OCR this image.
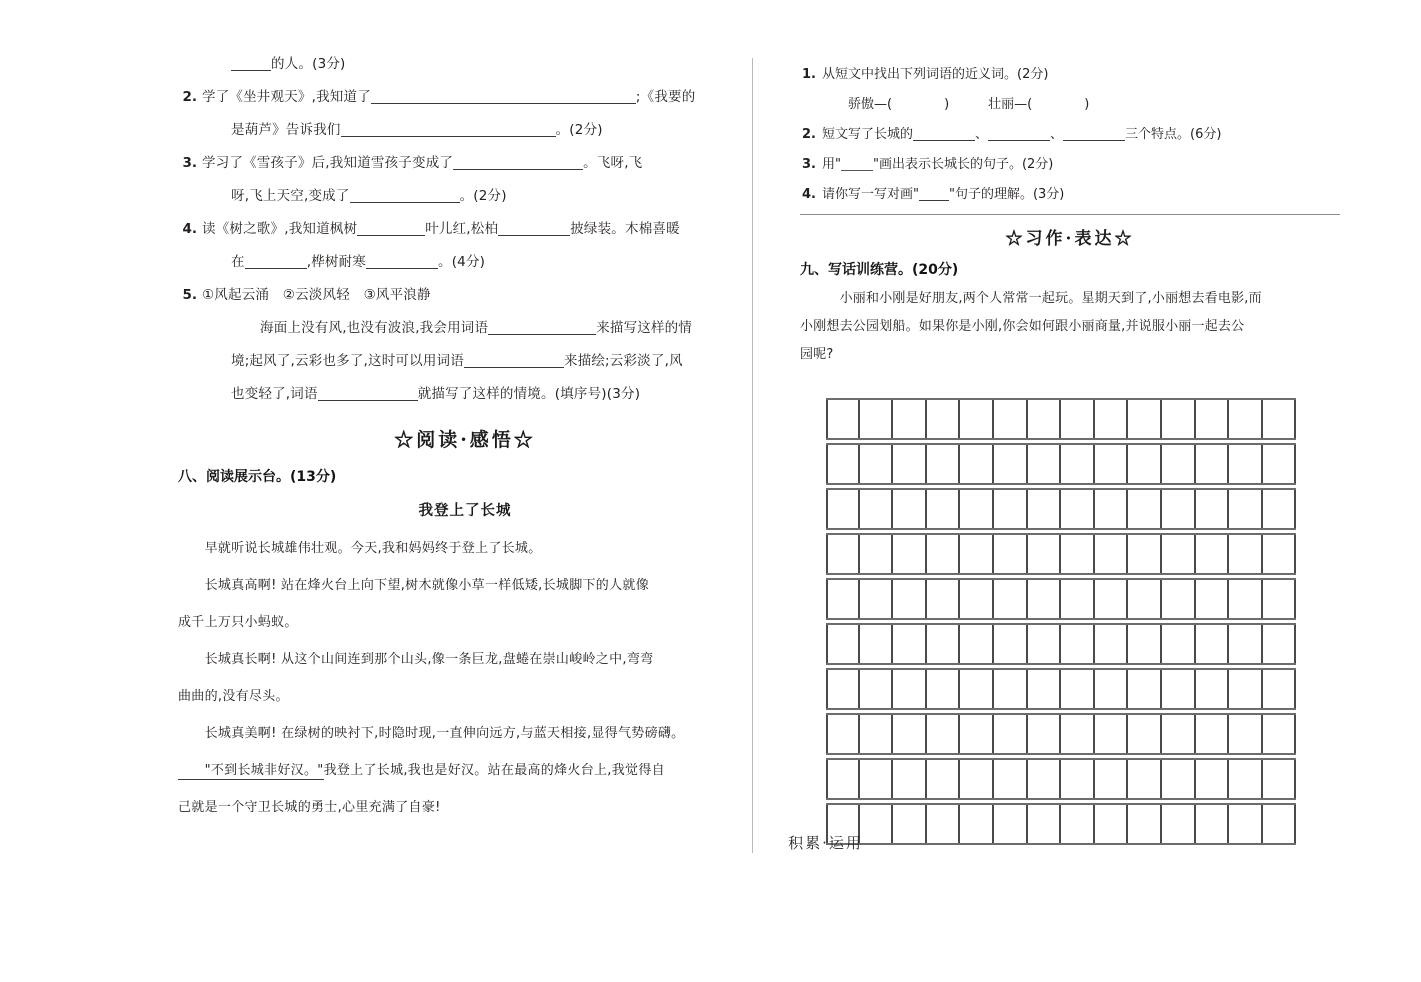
的人。(3分)
2. 学了《坐井观天》,我知道了	;《我要的
是葫芦》告诉我们	。(2分)
3. 学习了《雪孩子》后,我知道雪孩子变成了	。飞呀,飞
呀,飞上天空,变成了	。(2分)
4. 读《树之歌》,我知道枫树	叶儿红,松柏	披绿装。木棉喜暖
在	,桦树耐寒	。(4分)
5. ①风起云涌　②云淡风轻　③风平浪静
海面上没有风,也没有波浪,我会用词语	来描写这样的情
境;起风了,云彩也多了,这时可以用词语	来描绘;云彩淡了,风
也变轻了,词语	就描写了这样的情境。(填序号)(3分)
☆阅读·感悟☆
八、阅读展示台。(13分)
我登上了长城
　　早就听说长城雄伟壮观。今天,我和妈妈终于登上了长城。
　　长城真高啊! 站在烽火台上向下望,树木就像小草一样低矮,长城脚下的人就像
成千上万只小蚂蚁。
　　长城真长啊! 从这个山间连到那个山头,像一条巨龙,盘蜷在崇山峻岭之中,弯弯
曲曲的,没有尽头。
　　长城真美啊! 在绿树的映衬下,时隐时现,一直伸向远方,与蓝天相接,显得气势磅礴。
　　"不到长城非好汉。"我登上了长城,我也是好汉。站在最高的烽火台上,我觉得自
己就是一个守卫长城的勇士,心里充满了自豪!
1. 从短文中找出下列词语的近义词。(2分)
骄傲—(　　　　)　　　壮丽—(　　　　)
2. 短文写了长城的	、	、	三个特点。(6分)
3. 用" "画出表示长城长的句子。(2分)
4. 请你写一写对画" "句子的理解。(3分)
☆习作·表达☆
九、写话训练营。(20分)
　　　小丽和小刚是好朋友,两个人常常一起玩。星期天到了,小丽想去看电影,而
小刚想去公园划船。如果你是小刚,你会如何跟小丽商量,并说服小丽一起去公
园呢?
积累·运用
